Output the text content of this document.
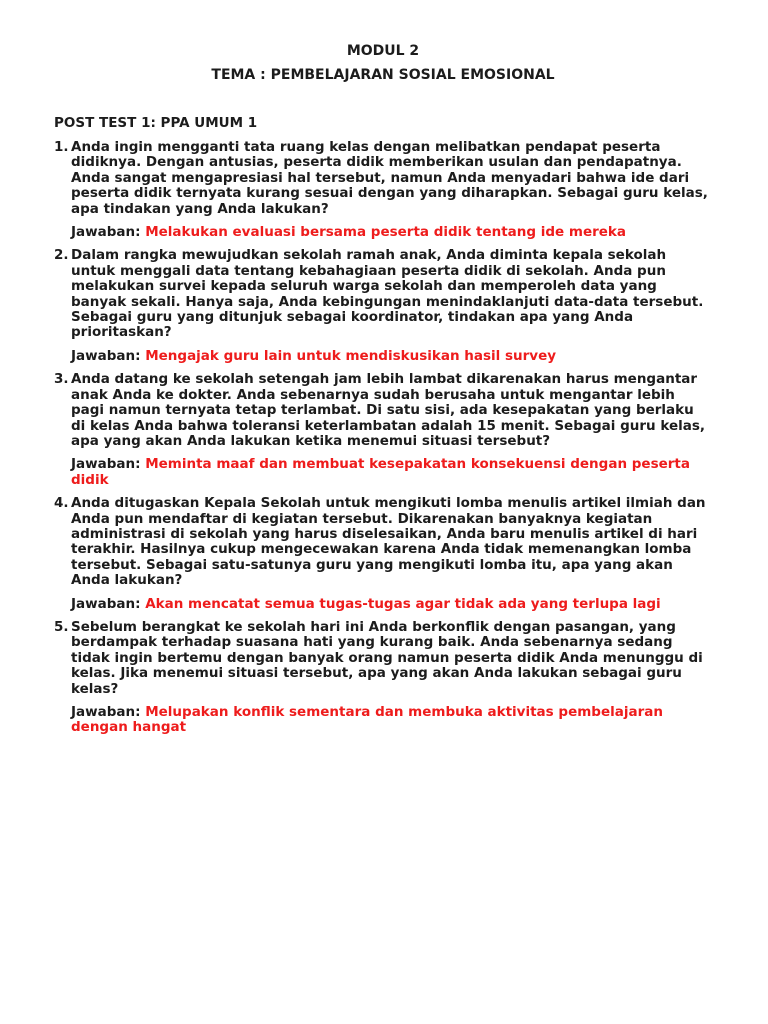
MODUL 2
TEMA : PEMBELAJARAN SOSIAL EMOSIONAL
POST TEST 1: PPA UMUM 1
1. Anda ingin mengganti tata ruang kelas dengan melibatkan pendapat peserta didiknya. Dengan antusias, peserta didik memberikan usulan dan pendapatnya. Anda sangat mengapresiasi hal tersebut, namun Anda menyadari bahwa ide dari peserta didik ternyata kurang sesuai dengan yang diharapkan. Sebagai guru kelas, apa tindakan yang Anda lakukan?

Jawaban: Melakukan evaluasi bersama peserta didik tentang ide mereka

2. Dalam rangka mewujudkan sekolah ramah anak, Anda diminta kepala sekolah untuk menggali data tentang kebahagiaan peserta didik di sekolah. Anda pun melakukan survei kepada seluruh warga sekolah dan memperoleh data yang banyak sekali. Hanya saja, Anda kebingungan menindaklanjuti data-data tersebut. Sebagai guru yang ditunjuk sebagai koordinator, tindakan apa yang Anda prioritaskan?

Jawaban: Mengajak guru lain untuk mendiskusikan hasil survey

3. Anda datang ke sekolah setengah jam lebih lambat dikarenakan harus mengantar anak Anda ke dokter. Anda sebenarnya sudah berusaha untuk mengantar lebih pagi namun ternyata tetap terlambat. Di satu sisi, ada kesepakatan yang berlaku di kelas Anda bahwa toleransi keterlambatan adalah 15 menit. Sebagai guru kelas, apa yang akan Anda lakukan ketika menemui situasi tersebut?

Jawaban: Meminta maaf dan membuat kesepakatan konsekuensi dengan peserta didik

4. Anda ditugaskan Kepala Sekolah untuk mengikuti lomba menulis artikel ilmiah dan Anda pun mendaftar di kegiatan tersebut. Dikarenakan banyaknya kegiatan administrasi di sekolah yang harus diselesaikan, Anda baru menulis artikel di hari terakhir. Hasilnya cukup mengecewakan karena Anda tidak memenangkan lomba tersebut. Sebagai satu-satunya guru yang mengikuti lomba itu, apa yang akan Anda lakukan?

Jawaban: Akan mencatat semua tugas-tugas agar tidak ada yang terlupa lagi

5. Sebelum berangkat ke sekolah hari ini Anda berkonflik dengan pasangan, yang berdampak terhadap suasana hati yang kurang baik. Anda sebenarnya sedang tidak ingin bertemu dengan banyak orang namun peserta didik Anda menunggu di kelas. Jika menemui situasi tersebut, apa yang akan Anda lakukan sebagai guru kelas?

Jawaban: Melupakan konflik sementara dan membuka aktivitas pembelajaran dengan hangat
